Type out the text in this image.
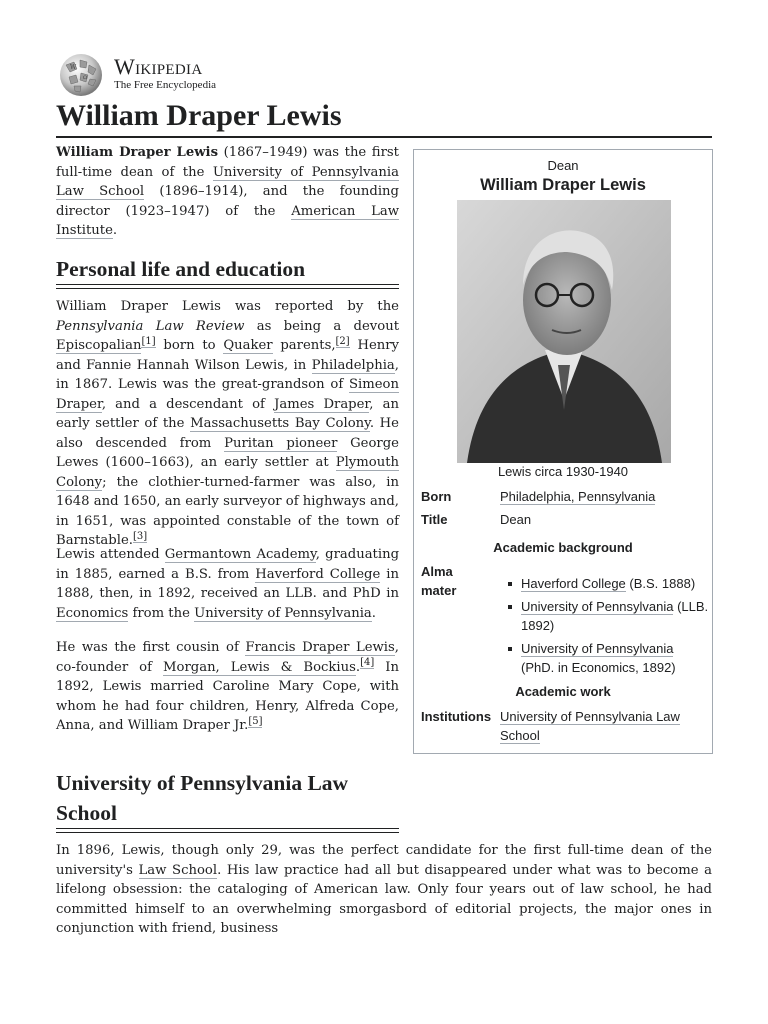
W
Ω Wikipedia
The Free Encyclopedia
William Draper Lewis
William Draper Lewis (1867–1949) was the first full-time dean of the University of Pennsylvania Law School (1896–1914), and the founding director (1923–1947) of the American Law Institute.
Personal life and education
William Draper Lewis was reported by the Pennsylvania Law Review as being a devout Episcopalian[1] born to Quaker parents,[2] Henry and Fannie Hannah Wilson Lewis, in Philadelphia, in 1867. Lewis was the great-grandson of Simeon Draper, and a descendant of James Draper, an early settler of the Massachusetts Bay Colony. He also descended from Puritan pioneer George Lewes (1600–1663), an early settler at Plymouth Colony; the clothier-turned-farmer was also, in 1648 and 1650, an early surveyor of highways and, in 1651, was appointed constable of the town of Barnstable.[3]
Lewis attended Germantown Academy, graduating in 1885, earned a B.S. from Haverford College in 1888, then, in 1892, received an LLB. and PhD in Economics from the University of Pennsylvania.
He was the first cousin of Francis Draper Lewis, co-founder of Morgan, Lewis & Bockius.[4] In 1892, Lewis married Caroline Mary Cope, with whom he had four children, Henry, Alfreda Cope, Anna, and William Draper Jr.[5]
University of Pennsylvania Law School
In 1896, Lewis, though only 29, was the perfect candidate for the first full-time dean of the university's Law School. His law practice had all but disappeared under what was to become a lifelong obsession: the cataloging of American law. Only four years out of law school, he had committed himself to an overwhelming smorgasbord of editorial projects, the major ones in conjunction with friend, business
Dean
William Draper Lewis
Lewis circa 1930-1940
Born	Philadelphia, Pennsylvania
Title	Dean
Academic background
Alma mater	Haverford College (B.S. 1888)
University of Pennsylvania (LLB. 1892)
University of Pennsylvania (PhD. in Economics, 1892)
Academic work
Institutions University of Pennsylvania Law School
